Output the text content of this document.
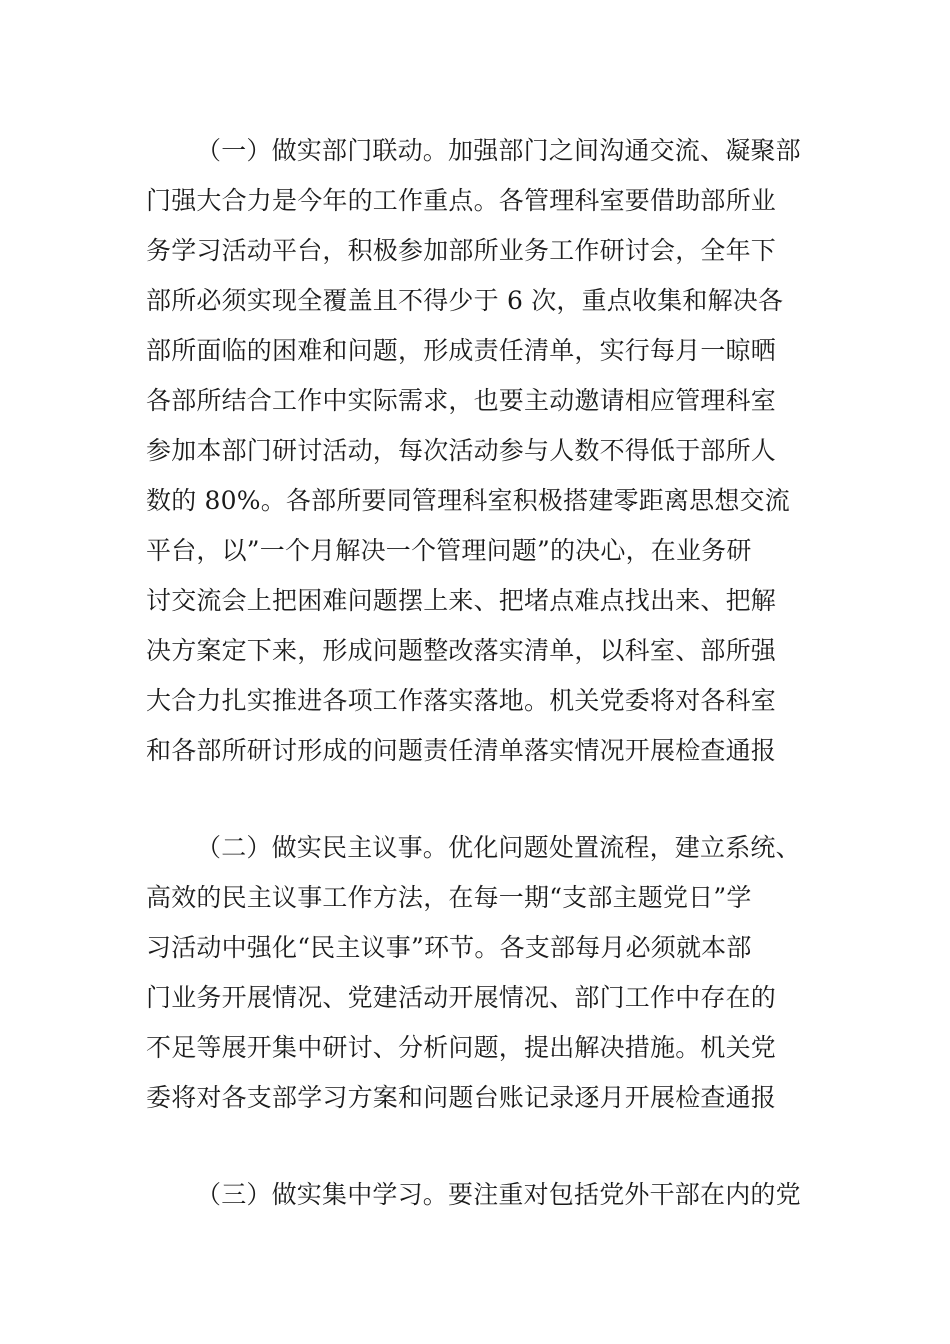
（一）做实部门联动。加强部门之间沟通交流、凝聚部
门强大合力是今年的工作重点。各管理科室要借助部所业
务学习活动平台，积极参加部所业务工作研讨会，全年下
部所必须实现全覆盖且不得少于 6 次，重点收集和解决各
部所面临的困难和问题，形成责任清单，实行每月一晾晒
各部所结合工作中实际需求，也要主动邀请相应管理科室
参加本部门研讨活动，每次活动参与人数不得低于部所人
数的 80%。各部所要同管理科室积极搭建零距离思想交流
平台，以”一个月解决一个管理问题”的决心，在业务研
讨交流会上把困难问题摆上来、把堵点难点找出来、把解
决方案定下来，形成问题整改落实清单，以科室、部所强
大合力扎实推进各项工作落实落地。机关党委将对各科室
和各部所研讨形成的问题责任清单落实情况开展检查通报
（二）做实民主议事。优化问题处置流程，建立系统、
高效的民主议事工作方法，在每一期“支部主题党日”学
习活动中强化“民主议事”环节。各支部每月必须就本部
门业务开展情况、党建活动开展情况、部门工作中存在的
不足等展开集中研讨、分析问题，提出解决措施。机关党
委将对各支部学习方案和问题台账记录逐月开展检查通报
（三）做实集中学习。要注重对包括党外干部在内的党
